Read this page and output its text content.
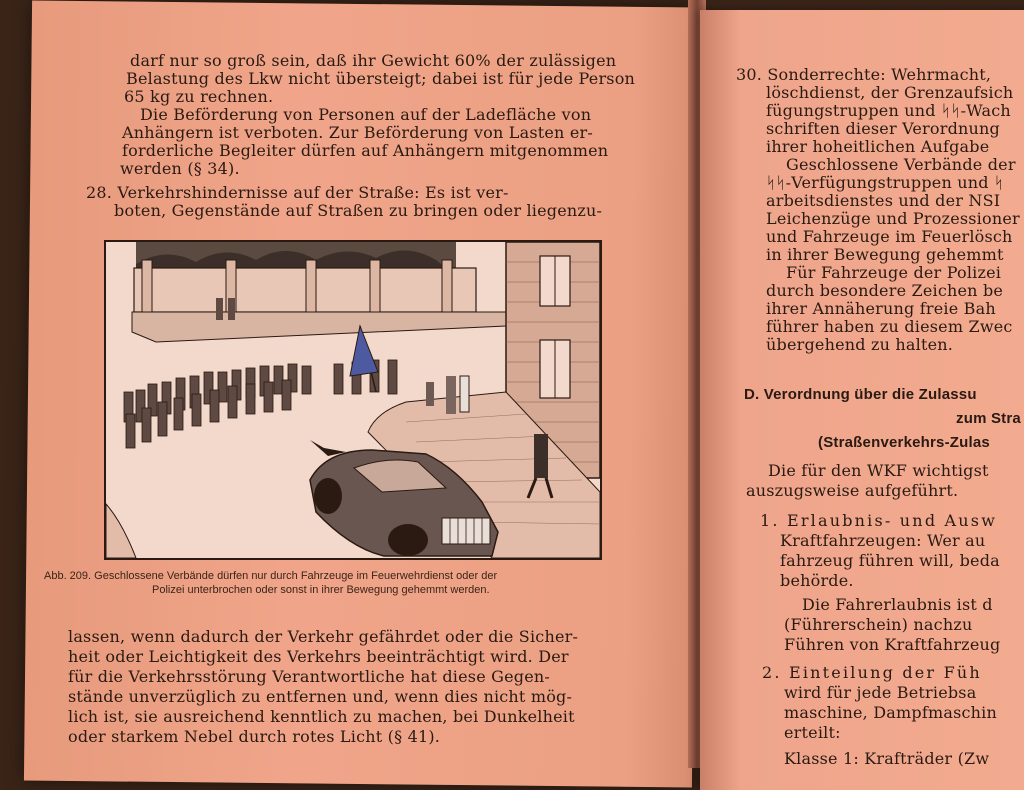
darf nur so groß sein, daß ihr Gewicht 60% der zulässigen
Belastung des Lkw nicht übersteigt; dabei ist für jede Person
65 kg zu rechnen.
Die Beförderung von Personen auf der Ladefläche von
Anhängern ist verboten. Zur Beförderung von Lasten er-
forderliche Begleiter dürfen auf Anhängern mitgenommen
werden (§ 34).
28. Verkehrshindernisse auf der Straße: Es ist ver-
boten, Gegenstände auf Straßen zu bringen oder liegenzu-
Abb. 209. Geschlossene Verbände dürfen nur durch Fahrzeuge im Feuerwehrdienst oder der
Polizei unterbrochen oder sonst in ihrer Bewegung gehemmt werden.
lassen, wenn dadurch der Verkehr gefährdet oder die Sicher-
heit oder Leichtigkeit des Verkehrs beeinträchtigt wird. Der
für die Verkehrsstörung Verantwortliche hat diese Gegen-
stände unverzüglich zu entfernen und, wenn dies nicht mög-
lich ist, sie ausreichend kenntlich zu machen, bei Dunkelheit
oder starkem Nebel durch rotes Licht (§ 41).
30. Sonderrechte: Wehrmacht,
löschdienst, der Grenzaufsich
fügungstruppen und ᛋᛋ-Wach
schriften dieser Verordnung
ihrer hoheitlichen Aufgabe
Geschlossene Verbände der
ᛋᛋ-Verfügungstruppen und ᛋ
arbeitsdienstes und der NSI
Leichenzüge und Prozessioner
und Fahrzeuge im Feuerlösch
in ihrer Bewegung gehemmt
Für Fahrzeuge der Polizei
durch besondere Zeichen be
ihrer Annäherung freie Bah
führer haben zu diesem Zwec
übergehend zu halten.
D. Verordnung über die Zulassu
zum Stra
(Straßenverkehrs-Zulas
Die für den WKF wichtigst
auszugsweise aufgeführt.
1. Erlaubnis- und Ausw
Kraftfahrzeugen: Wer au
fahrzeug führen will, beda
behörde.
Die Fahrerlaubnis ist d
(Führerschein) nachzu
Führen von Kraftfahrzeug
2. Einteilung der Füh
wird für jede Betriebsa
maschine, Dampfmaschin
erteilt:
Klasse 1: Krafträder (Zw
